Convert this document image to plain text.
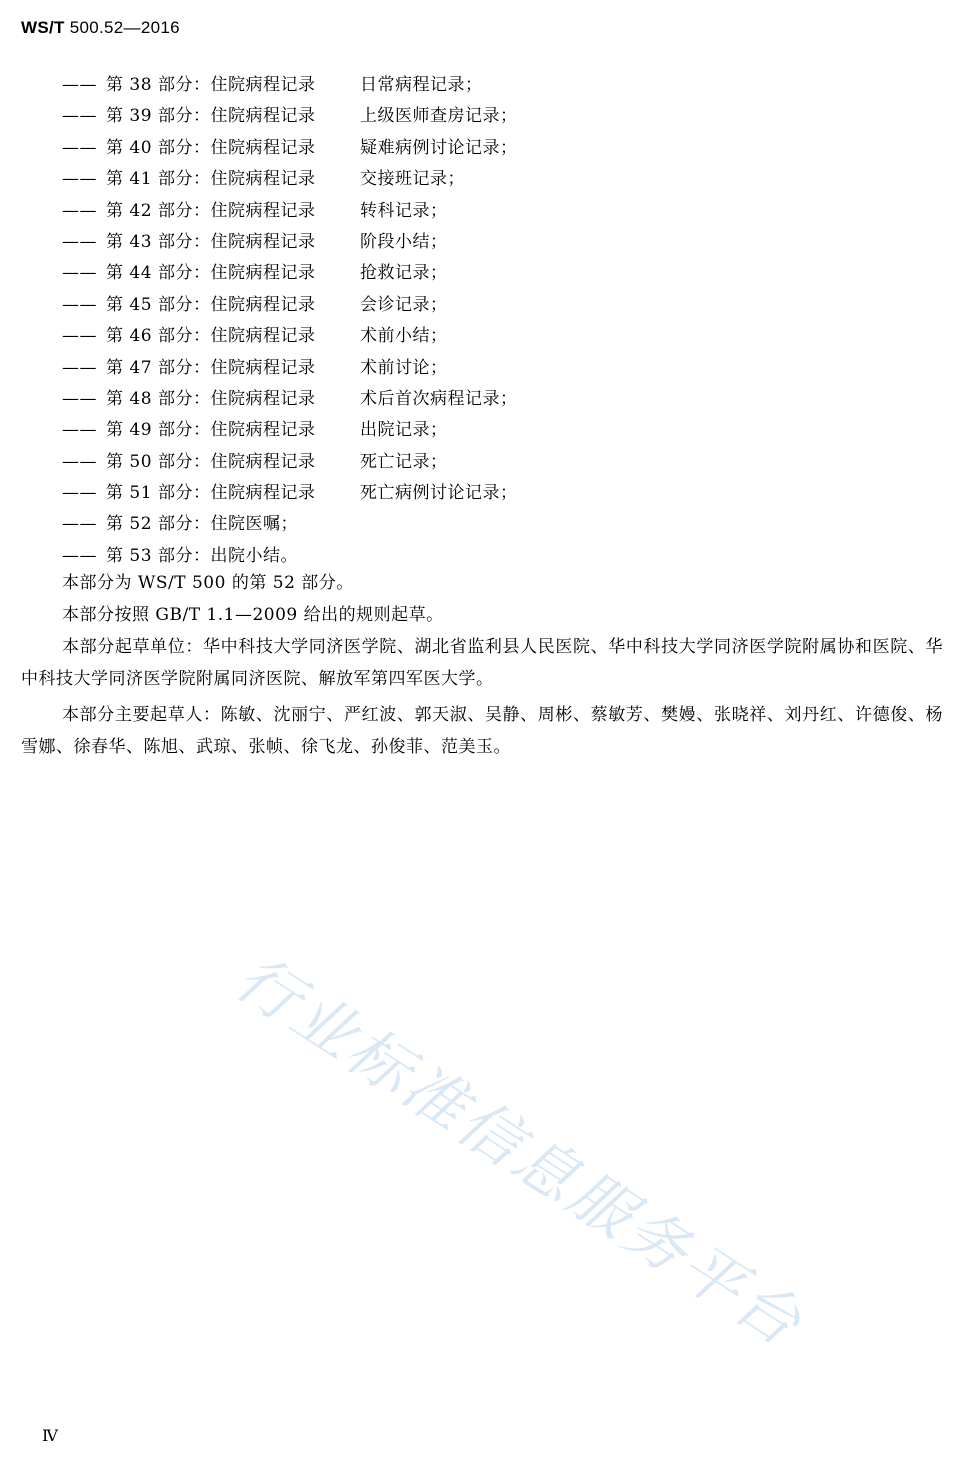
WS/T 500.52—2016
—— 第 38 部分：住院病程记录	日常病程记录；
—— 第 39 部分：住院病程记录	上级医师查房记录；
—— 第 40 部分：住院病程记录	疑难病例讨论记录；
—— 第 41 部分：住院病程记录	交接班记录；
—— 第 42 部分：住院病程记录	转科记录；
—— 第 43 部分：住院病程记录	阶段小结；
—— 第 44 部分：住院病程记录	抢救记录；
—— 第 45 部分：住院病程记录	会诊记录；
—— 第 46 部分：住院病程记录	术前小结；
—— 第 47 部分：住院病程记录	术前讨论；
—— 第 48 部分：住院病程记录	术后首次病程记录；
—— 第 49 部分：住院病程记录	出院记录；
—— 第 50 部分：住院病程记录	死亡记录；
—— 第 51 部分：住院病程记录	死亡病例讨论记录；
—— 第 52 部分：住院医嘱；
—— 第 53 部分：出院小结。
本部分为 WS/T 500 的第 52 部分。
本部分按照 GB/T 1.1—2009 给出的规则起草。
本部分起草单位：华中科技大学同济医学院、湖北省监利县人民医院、华中科技大学同济医学院附属协和医院、华中科技大学同济医学院附属同济医院、解放军第四军医大学。
本部分主要起草人：陈敏、沈丽宁、严红波、郭天淑、吴静、周彬、蔡敏芳、樊嫚、张晓祥、刘丹红、许德俊、杨雪娜、徐春华、陈旭、武琼、张帧、徐飞龙、孙俊菲、范美玉。
行业标准信息服务平台
Ⅳ
